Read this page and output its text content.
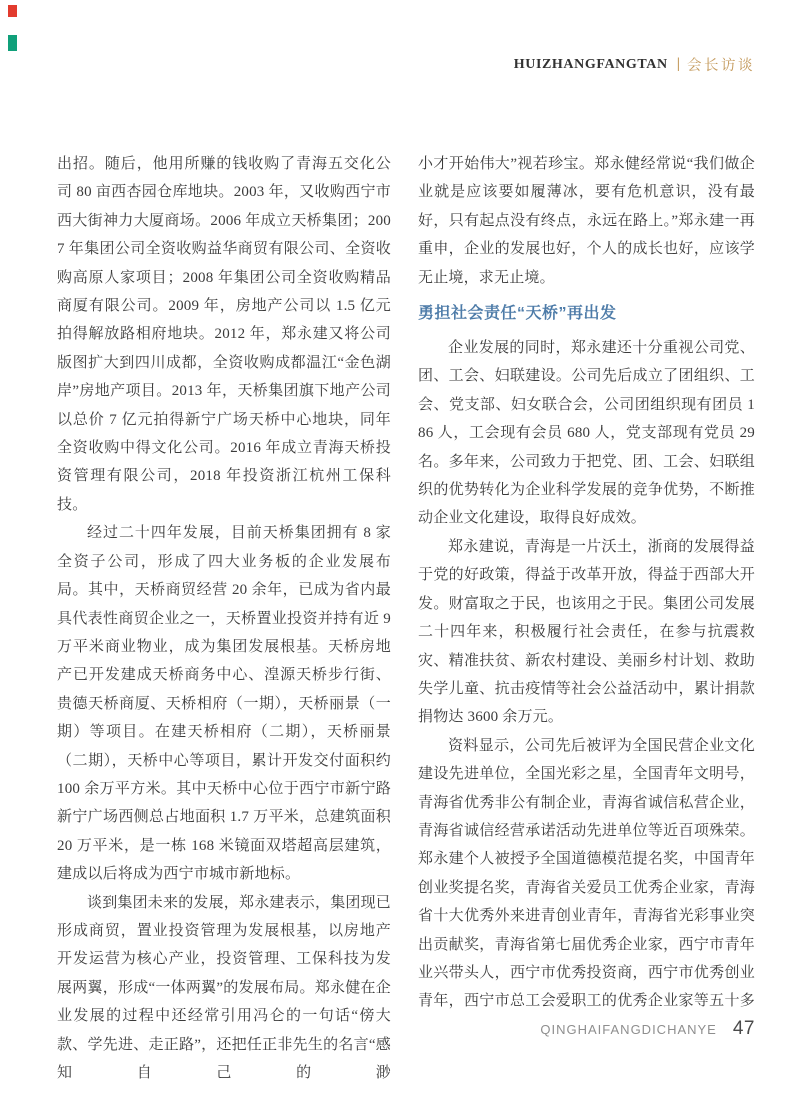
HUIZHANGFANGTAN | 会长访谈

出招。随后，他用所赚的钱收购了青海五交化公司 80 亩西杏园仓库地块。2003 年，又收购西宁市西大街神力大厦商场。2006 年成立天桥集团；2007 年集团公司全资收购益华商贸有限公司、全资收购高原人家项目；2008 年集团公司全资收购精品商厦有限公司。2009 年，房地产公司以 1.5 亿元拍得解放路相府地块。2012 年，郑永建又将公司版图扩大到四川成都，全资收购成都温江“金色湖岸”房地产项目。2013 年，天桥集团旗下地产公司以总价 7 亿元拍得新宁广场天桥中心地块，同年全资收购中得文化公司。2016 年成立青海天桥投资管理有限公司，2018 年投资浙江杭州工保科技。

经过二十四年发展，目前天桥集团拥有 8 家全资子公司，形成了四大业务板的企业发展布局。其中，天桥商贸经营 20 余年，已成为省内最具代表性商贸企业之一，天桥置业投资并持有近 9 万平米商业物业，成为集团发展根基。天桥房地产已开发建成天桥商务中心、湟源天桥步行街、贵德天桥商厦、天桥相府（一期），天桥丽景（一期）等项目。在建天桥相府（二期），天桥丽景（二期），天桥中心等项目，累计开发交付面积约 100 余万平方米。其中天桥中心位于西宁市新宁路新宁广场西侧总占地面积 1.7 万平米，总建筑面积 20 万平米，是一栋 168 米镜面双塔超高层建筑，建成以后将成为西宁市城市新地标。

谈到集团未来的发展，郑永建表示，集团现已形成商贸，置业投资管理为发展根基，以房地产开发运营为核心产业，投资管理、工保科技为发展两翼，形成“一体两翼”的发展布局。郑永健在企业发展的过程中还经常引用冯仑的一句话“傍大款、学先进、走正路”，还把任正非先生的名言“感知自己的渺

小才开始伟大”视若珍宝。郑永健经常说“我们做企业就是应该要如履薄冰，要有危机意识，没有最好，只有起点没有终点，永远在路上。”郑永建一再重申，企业的发展也好，个人的成长也好，应该学无止境，求无止境。

勇担社会责任“天桥”再出发

企业发展的同时，郑永建还十分重视公司党、团、工会、妇联建设。公司先后成立了团组织、工会、党支部、妇女联合会，公司团组织现有团员 186 人，工会现有会员 680 人，党支部现有党员 29 名。多年来，公司致力于把党、团、工会、妇联组织的优势转化为企业科学发展的竞争优势，不断推动企业文化建设，取得良好成效。

郑永建说，青海是一片沃土，浙商的发展得益于党的好政策，得益于改革开放，得益于西部大开发。财富取之于民，也该用之于民。集团公司发展二十四年来，积极履行社会责任，在参与抗震救灾、精准扶贫、新农村建设、美丽乡村计划、救助失学儿童、抗击疫情等社会公益活动中，累计捐款捐物达 3600 余万元。

资料显示，公司先后被评为全国民营企业文化建设先进单位，全国光彩之星，全国青年文明号，青海省优秀非公有制企业，青海省诚信私营企业，青海省诚信经营承诺活动先进单位等近百项殊荣。郑永建个人被授予全国道德模范提名奖，中国青年创业奖提名奖，青海省关爱员工优秀企业家，青海省十大优秀外来进青创业青年，青海省光彩事业突出贡献奖，青海省第七届优秀企业家，西宁市青年业兴带头人，西宁市优秀投资商，西宁市优秀创业青年，西宁市总工会爱职工的优秀企业家等五十多

QINGHAIFANGDICHANYE 47
